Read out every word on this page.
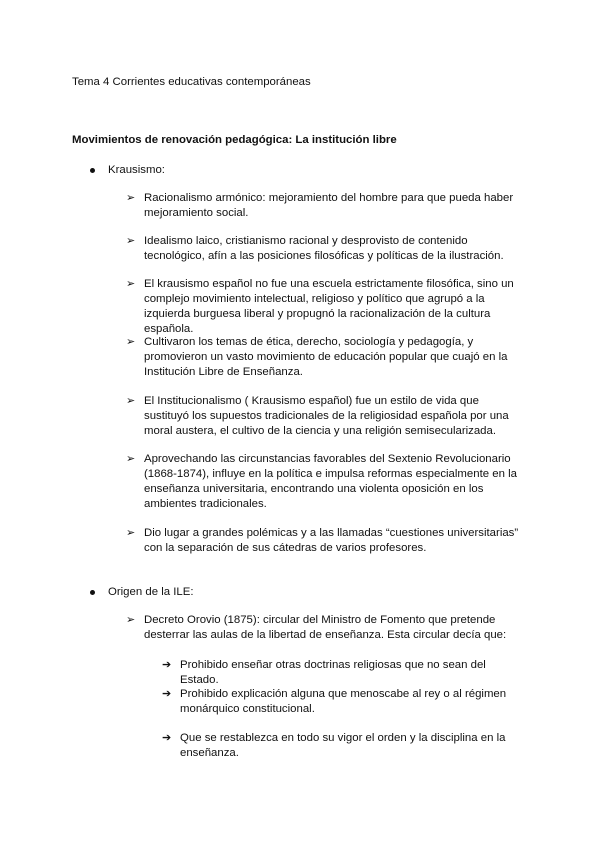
Tema 4 Corrientes educativas contemporáneas
Movimientos de renovación pedagógica: La institución libre
Krausismo:
➢ Racionalismo armónico: mejoramiento del hombre para que pueda haber mejoramiento social.
➢ Idealismo laico, cristianismo racional y desprovisto de contenido tecnológico, afín a las posiciones filosóficas y políticas de la ilustración.
➢ El krausismo español no fue una escuela estrictamente filosófica, sino un complejo movimiento intelectual, religioso y político que agrupó a la izquierda burguesa liberal y propugnó la racionalización de la cultura española.
➢ Cultivaron los temas de ética, derecho, sociología y pedagogía, y promovieron un vasto movimiento de educación popular que cuajó en la Institución Libre de Enseñanza.
➢ El Institucionalismo ( Krausismo español) fue un estilo de vida que sustituyó los supuestos tradicionales de la religiosidad española por una moral austera, el cultivo de la ciencia y una religión semisecularizada.
➢ Aprovechando las circunstancias favorables del Sextenio Revolucionario (1868-1874), influye en la política e impulsa reformas especialmente en la enseñanza universitaria, encontrando una violenta oposición en los ambientes tradicionales.
➢ Dio lugar a grandes polémicas y a las llamadas “cuestiones universitarias” con la separación de sus cátedras de varios profesores.
Origen de la ILE:
➢ Decreto Orovio (1875): circular del Ministro de Fomento que pretende desterrar las aulas de la libertad de enseñanza. Esta circular decía que:
➔ Prohibido enseñar otras doctrinas religiosas que no sean del Estado.
➔ Prohibido explicación alguna que menoscabe al rey o al régimen monárquico constitucional.
➔ Que se restablezca en todo su vigor el orden y la disciplina en la enseñanza.
